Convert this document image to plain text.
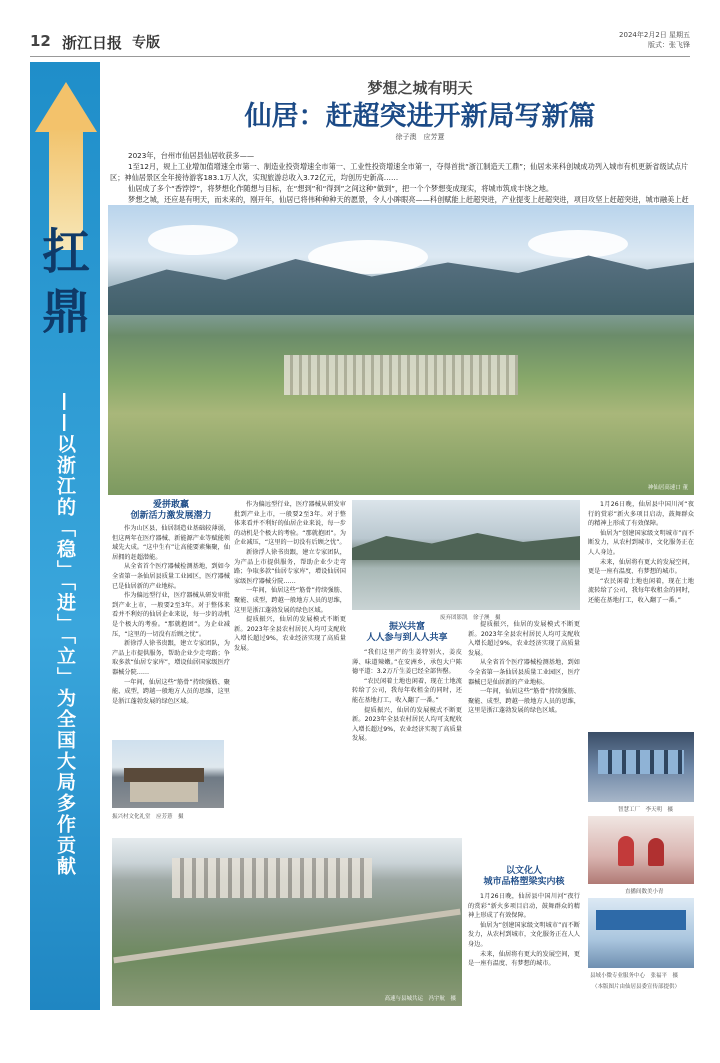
12 浙江日报 专版	2024年2月2日 星期五
版式：张飞锋
扛
鼎
——以浙江的「稳」「进」「立」为全国大局多作贡献
梦想之城有明天
仙居：赶超突进开新局写新篇
徐子澳　应芳薏

2023年，台州市仙居县仙居收获多——

1至12月，规上工业增加值增速全市第一、制造业投资增速全市第一、工业性投资增速全市第一，夺得首批“浙江制造天工鼎”；仙居未来科创城成功列入城市有机更新省级试点片区；神仙居景区全年接待游客183.1万人次，实现旅游总收入3.72亿元，均创历史新高……

仙居成了多个“香饽饽”，将梦想化作随想与目标，在“想到”和“得到”之间这种“做到”，把一个个梦想变成现实，将城市筑成丰饶之地。

梦想之城，还应是有明天，而未来的，刚开年，仙居已将伟种种种天的愿景，令人小眸眼亮——科创赋能上赶超突进，产业提变上赶超突进，项目攻坚上赶超突进，城市融美上赶

神仙居高速口 董
爱拼敢赢
创新活力激发展潜力

作为山区县，仙居制造业基础较薄弱，但这两年在医疗器械、新能源产业等赋能领域先大成。“这中生有”让高能要素集聚，仙居拥的赶超潜能。

从全省首个医疗器械检测基地，到如今全省第一条仙居县质量工业园区，医疗器械已是仙居新的产业地标。

作为偏远型行业，医疗器械从研发审批到产业上市，一般要2至3年。对于整体来看并不利好的仙居企业来说，每一步的动机是个极大的考验。“那就抱团”。为企业减压，“这里的一切没有后顾之忧”。

新徐浮人徐书贵跟，建立专家团队，为产品上市提供服务，帮助企业少走弯路；争取多款“仙居专家库”，增设仙居国家级医疗器械分院……

一年间，仙居这些“筋骨”持续强筋、聚能、成型，跨越一般地方人员的思维，这里是浙江蓬勃发展的绿色区域。

振兴村文化礼堂　应芳薏　摄

作为偏远型行业，医疗器械从研发审批到产业上市，一般要2至3年。对于整体来看并不利好的仙居企业来说，每一步的动机是个极大的考验。“那就抱团”。为企业减压，“这里的一切没有后顾之忧”。

新徐浮人徐书贵跟，建立专家团队，为产品上市提供服务，帮助企业少走弯路；争取多款“仙居专家库”，增设仙居国家级医疗器械分院……

一年间，仙居这些“筋骨”持续强筋、聚能、成型，跨越一般地方人员的思维，这里是浙江蓬勃发展的绿色区域。

提质振兴，仙居的发展模式不断更新。2023年全县农村居民人均可支配收入增长超过9%，农业经济实现了高质量发展。

废弃团影凯　徐子澳　摄
振兴共富
人人参与到人人共享

“我们这里产的生姜特别火，姜皮薄、味道辣嫩。”在安洲乡，承包大户陈德平道：3.2万斤生姜已经全部售罄。

“农民闲着土地也闲着，现在土地流转给了公司，我每年收租金的同时，还能在基地打工，收入翻了一番。”

提质振兴，仙居的发展模式不断更新。2023年全县农村居民人均可支配收入增长超过9%，农业经济实现了高质量发展。

提质振兴，仙居的发展模式不断更新。2023年全县农村居民人均可支配收入增长超过9%，农业经济实现了高质量发展。

从全省首个医疗器械检测基地，到如今全省第一条仙居县质量工业园区，医疗器械已是仙居新的产业地标。

一年间，仙居这些“筋骨”持续强筋、聚能、成型，跨越一般地方人员的思维，这里是浙江蓬勃发展的绿色区域。

以文化人
城市品格塑梁实内核

1月26日晚，仙居县中国川河“夜行的赏彩”新火多项目启动，鼓舞群众的精神上形成了有效保障。

仙居为“创建国家级文明城市”而不断发力，从农村到城市，文化服务正在人人身边。

未来，仙居将有更大的发展空间，更是一座有温度、有梦想的城市。

1月26日晚，仙居县中国川河“夜行的赏彩”新火多项目启动，鼓舞群众的精神上形成了有效保障。

仙居为“创建国家级文明城市”而不断发力，从农村到城市，文化服务正在人人身边。

未来，仙居将有更大的发展空间，更是一座有温度、有梦想的城市。

“农民闲着土地也闲着，现在土地流转给了公司，我每年收租金的同时，还能在基地打工，收入翻了一番。”

智慧工厂　李天明　摄
直播间数美小青
县域小微专业服务中心　张福平　摄
（本版图片由仙居县委宣传部提供）
高速与县城共运　冯宇航　摄
